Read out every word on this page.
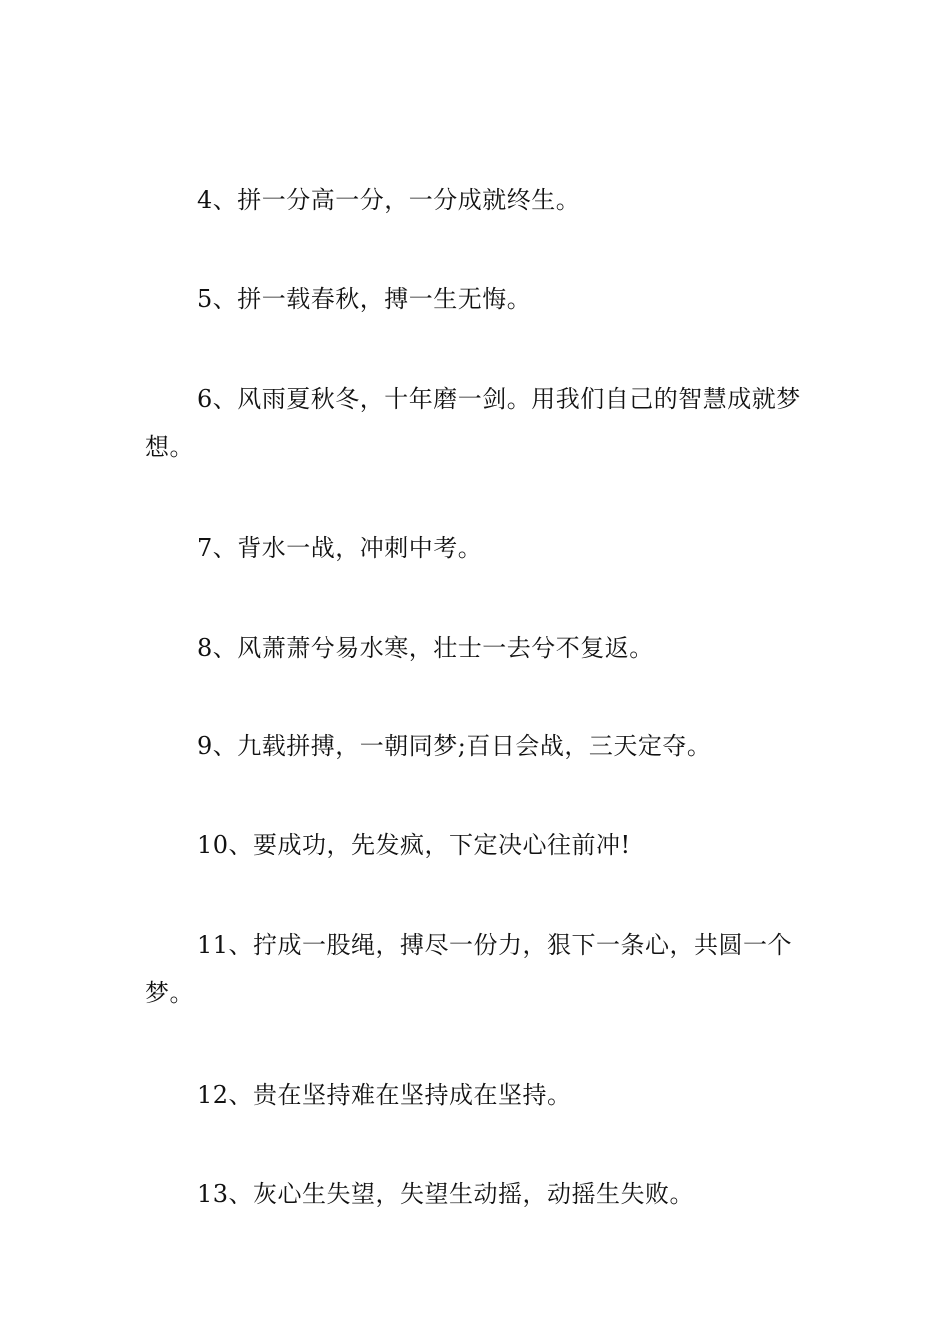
4、拼一分高一分，一分成就终生。

5、拼一载春秋，搏一生无悔。

6、风雨夏秋冬，十年磨一剑。用我们自己的智慧成就梦想。

7、背水一战，冲刺中考。

8、风萧萧兮易水寒，壮士一去兮不复返。

9、九载拼搏，一朝同梦;百日会战，三天定夺。

10、要成功，先发疯，下定决心往前冲!

11、拧成一股绳，搏尽一份力，狠下一条心，共圆一个梦。

12、贵在坚持难在坚持成在坚持。

13、灰心生失望，失望生动摇，动摇生失败。
